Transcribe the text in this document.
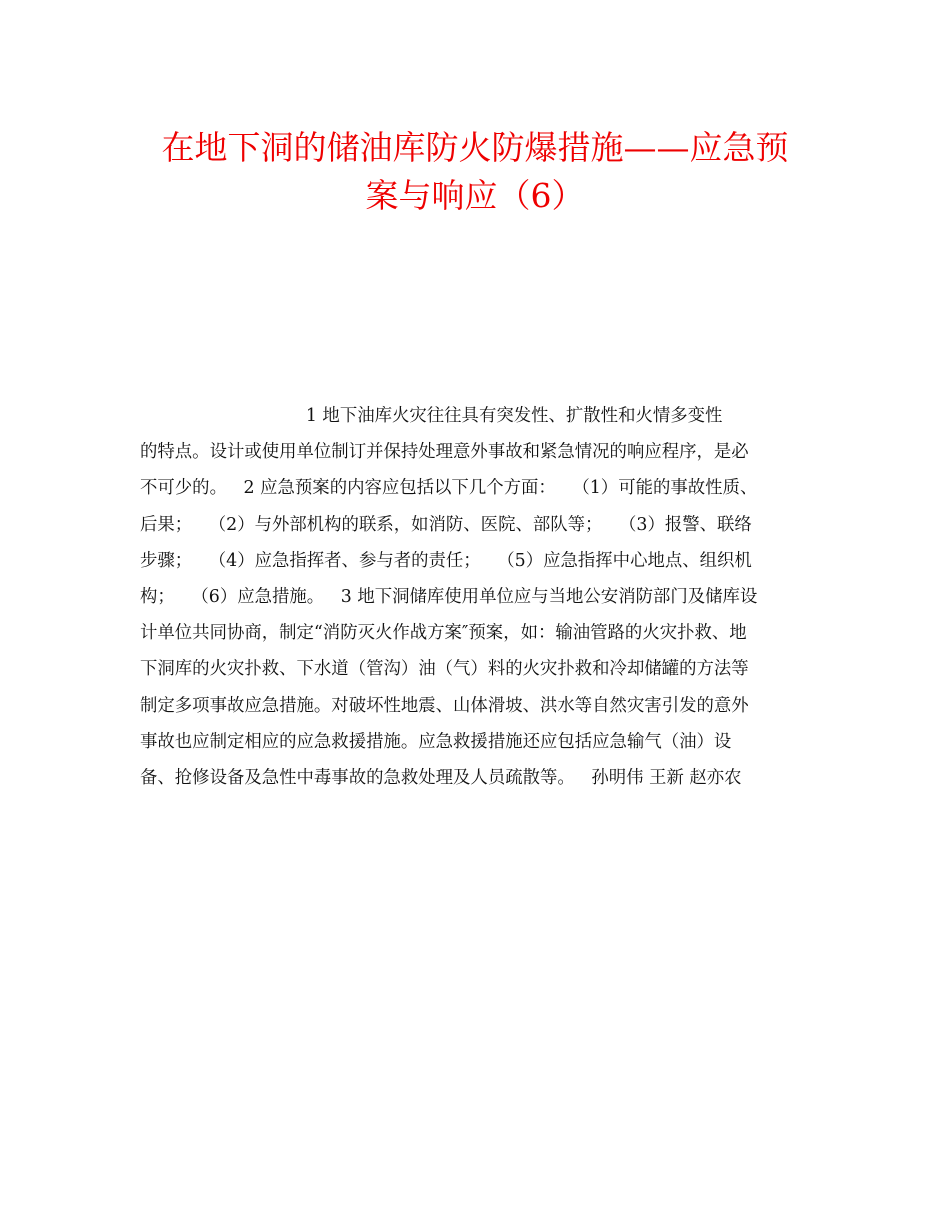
在地下洞的储油库防火防爆措施——应急预
案与响应（6）
1 地下油库火灾往往具有突发性、扩散性和火情多变性
的特点。设计或使用单位制订并保持处理意外事故和紧急情况的响应程序，是必
不可少的。   2 应急预案的内容应包括以下几个方面：   （1）可能的事故性质、
后果；   （2）与外部机构的联系，如消防、医院、部队等；   （3）报警、联络
步骤；   （4）应急指挥者、参与者的责任；   （5）应急指挥中心地点、组织机
构；   （6）应急措施。   3 地下洞储库使用单位应与当地公安消防部门及储库设
计单位共同协商，制定“消防灭火作战方案″预案，如：输油管路的火灾扑救、地
下洞库的火灾扑救、下水道（管沟）油（气）料的火灾扑救和冷却储罐的方法等
制定多项事故应急措施。对破坏性地震、山体滑坡、洪水等自然灾害引发的意外
事故也应制定相应的应急救援措施。应急救援措施还应包括应急输气（油）设
备、抢修设备及急性中毒事故的急救处理及人员疏散等。   孙明伟 王新 赵亦农
